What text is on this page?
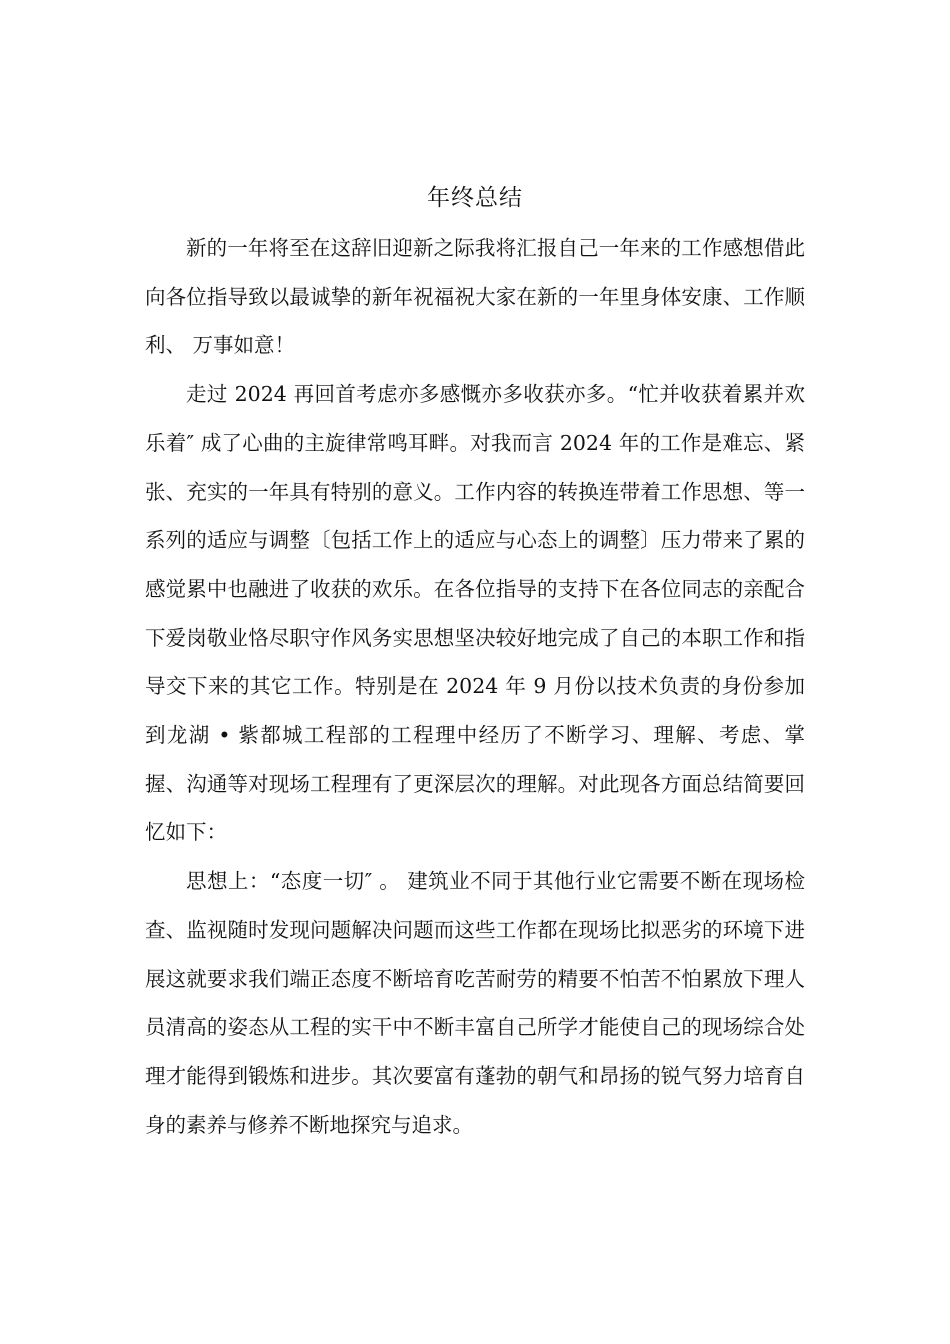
年终总结

新的一年将至在这辞旧迎新之际我将汇报自己一年来的工作感想借此向各位指导致以最诚挚的新年祝福祝大家在新的一年里身体安康、工作顺利、 万事如意！

走过 2024 再回首考虑亦多感慨亦多收获亦多。“忙并收获着累并欢乐着″ 成了心曲的主旋律常鸣耳畔。对我而言 2024 年的工作是难忘、紧张、充实的一年具有特别的意义。工作内容的转换连带着工作思想、等一系列的适应与调整〔包括工作上的适应与心态上的调整〕压力带来了累的感觉累中也融进了收获的欢乐。在各位指导的支持下在各位同志的亲配合下爱岗敬业恪尽职守作风务实思想坚决较好地完成了自己的本职工作和指导交下来的其它工作。特别是在 2024 年 9 月份以技术负责的身份参加到龙湖 • 紫都城工程部的工程理中经历了不断学习、理解、考虑、掌握、沟通等对现场工程理有了更深层次的理解。对此现各方面总结简要回忆如下：

思想上：“态度一切″ 。 建筑业不同于其他行业它需要不断在现场检查、监视随时发现问题解决问题而这些工作都在现场比拟恶劣的环境下进展这就要求我们端正态度不断培育吃苦耐劳的精要不怕苦不怕累放下理人员清高的姿态从工程的实干中不断丰富自己所学才能使自己的现场综合处理才能得到锻炼和进步。其次要富有蓬勃的朝气和昂扬的锐气努力培育自身的素养与修养不断地探究与追求。
